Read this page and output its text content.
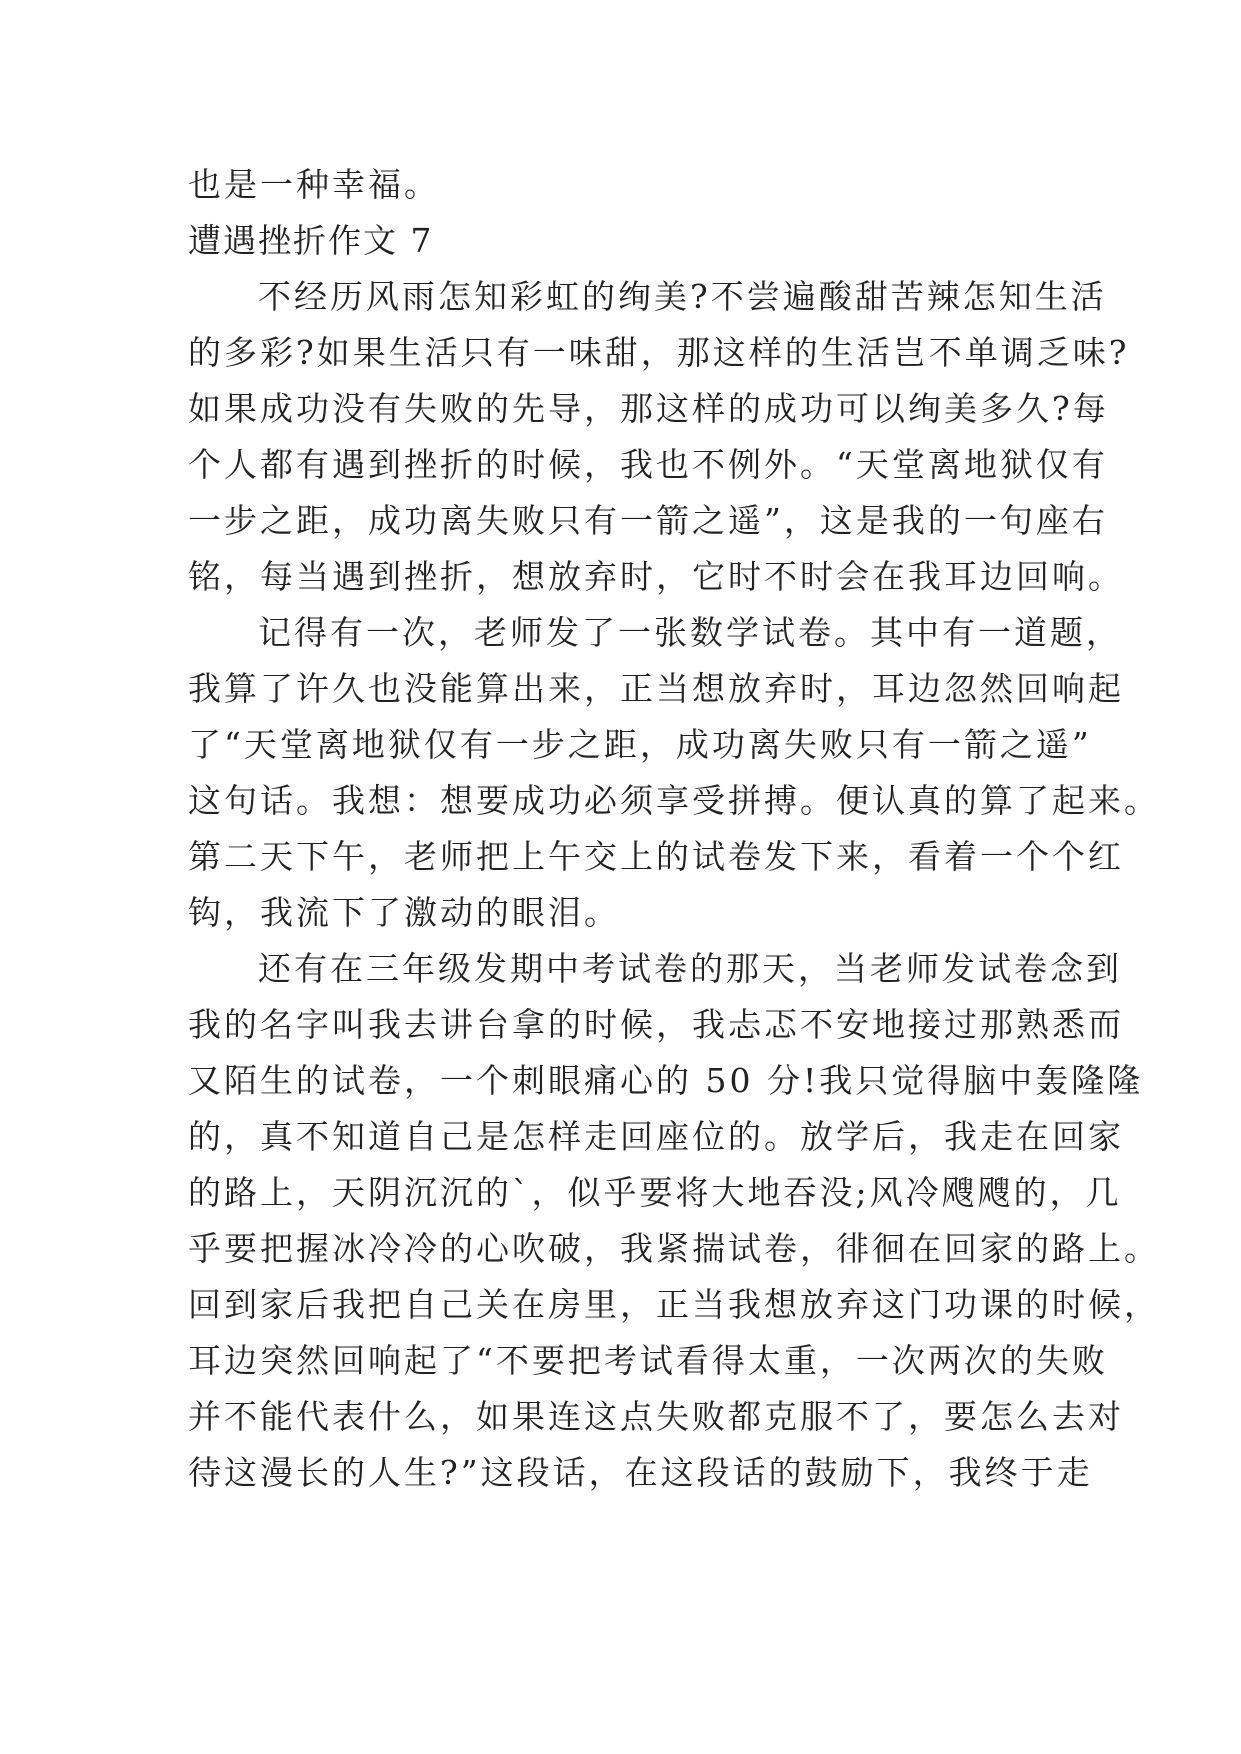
也是一种幸福。
遭遇挫折作文 7
不经历风雨怎知彩虹的绚美?不尝遍酸甜苦辣怎知生活
的多彩?如果生活只有一味甜，那这样的生活岂不单调乏味?
如果成功没有失败的先导，那这样的成功可以绚美多久?每
个人都有遇到挫折的时候，我也不例外。“天堂离地狱仅有
一步之距，成功离失败只有一箭之遥”，这是我的一句座右
铭，每当遇到挫折，想放弃时，它时不时会在我耳边回响。
记得有一次，老师发了一张数学试卷。其中有一道题，
我算了许久也没能算出来，正当想放弃时，耳边忽然回响起
了“天堂离地狱仅有一步之距，成功离失败只有一箭之遥”
这句话。我想：想要成功必须享受拼搏。便认真的算了起来。
第二天下午，老师把上午交上的试卷发下来，看着一个个红
钩，我流下了激动的眼泪。
还有在三年级发期中考试卷的那天，当老师发试卷念到
我的名字叫我去讲台拿的时候，我忐忑不安地接过那熟悉而
又陌生的试卷，一个刺眼痛心的 50 分!我只觉得脑中轰隆隆
的，真不知道自己是怎样走回座位的。放学后，我走在回家
的路上，天阴沉沉的`，似乎要将大地吞没;风冷飕飕的，几
乎要把握冰冷冷的心吹破，我紧揣试卷，徘徊在回家的路上。
回到家后我把自己关在房里，正当我想放弃这门功课的时候，
耳边突然回响起了“不要把考试看得太重，一次两次的失败
并不能代表什么，如果连这点失败都克服不了，要怎么去对
待这漫长的人生?”这段话，在这段话的鼓励下，我终于走
